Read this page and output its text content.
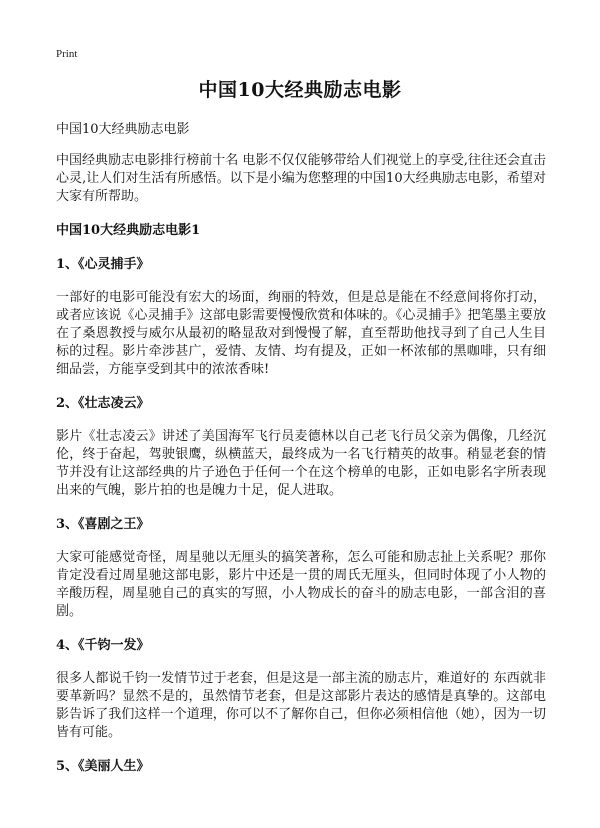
Print
中国10大经典励志电影
中国10大经典励志电影
中国经典励志电影排行榜前十名 电影不仅仅能够带给人们视觉上的享受,往往还会直击心灵,让人们对生活有所感悟。以下是小编为您整理的中国10大经典励志电影，希望对大家有所帮助。
中国10大经典励志电影1
1、《心灵捕手》
一部好的电影可能没有宏大的场面，绚丽的特效，但是总是能在不经意间将你打动，或者应该说《心灵捕手》这部电影需要慢慢欣赏和体味的。《心灵捕手》把笔墨主要放在了桑恩教授与威尔从最初的略显敌对到慢慢了解，直至帮助他找寻到了自己人生目标的过程。影片牵涉甚广，爱情、友情、均有提及，正如一杯浓郁的黑咖啡，只有细细品尝，方能享受到其中的浓浓香味!
2、《壮志凌云》
影片《壮志凌云》讲述了美国海军飞行员麦德林以自己老飞行员父亲为偶像，几经沉伦，终于奋起，驾驶银鹰，纵横蓝天，最终成为一名飞行精英的故事。稍显老套的情节并没有让这部经典的片子逊色于任何一个在这个榜单的电影，正如电影名字所表现出来的气魄，影片拍的也是魄力十足，促人进取。
3、《喜剧之王》
大家可能感觉奇怪，周星驰以无厘头的搞笑著称，怎么可能和励志扯上关系呢？那你肯定没看过周星驰这部电影，影片中还是一贯的周氏无厘头，但同时体现了小人物的辛酸历程，周星驰自己的真实的写照，小人物成长的奋斗的励志电影，一部含泪的喜剧。
4、《千钧一发》
很多人都说千钧一发情节过于老套，但是这是一部主流的励志片，难道好的 东西就非要革新吗？显然不是的，虽然情节老套，但是这部影片表达的感情是真挚的。这部电影告诉了我们这样一个道理，你可以不了解你自己，但你必须相信他（她），因为一切皆有可能。
5、《美丽人生》
